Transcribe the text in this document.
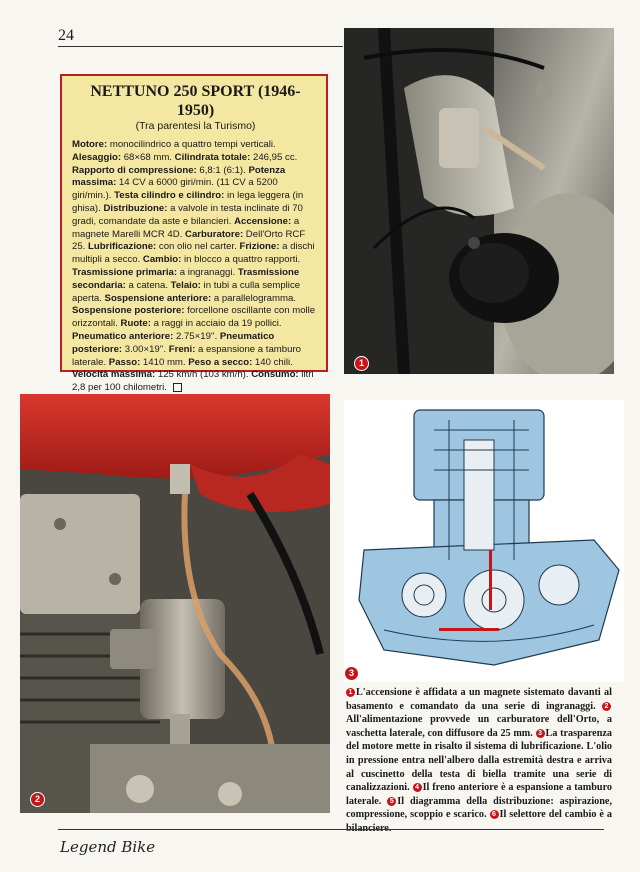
24

NETTUNO 250 SPORT (1946-1950)

(Tra parentesi la Turismo)

Motore: monocilindrico a quattro tempi verticali. Alesaggio: 68×68 mm. Cilindrata totale: 246,95 cc. Rapporto di compressione: 6,8:1 (6:1). Potenza massima: 14 CV a 6000 giri/min. (11 CV a 5200 giri/min.). Testa cilindro e cilindro: in lega leggera (in ghisa). Distribuzione: a valvole in testa inclinate di 70 gradi, comandate da aste e bilancieri. Accensione: a magnete Marelli MCR 4D. Carburatore: Dell'Orto RCF 25. Lubrificazione: con olio nel carter. Frizione: a dischi multipli a secco. Cambio: in blocco a quattro rapporti. Trasmissione primaria: a ingranaggi. Trasmissione secondaria: a catena. Telaio: in tubi a culla semplice aperta. Sospensione anteriore: a parallelogramma. Sospensione posteriore: forcellone oscillante con molle orizzontali. Ruote: a raggi in acciaio da 19 pollici. Pneumatico anteriore: 2.75×19''. Pneumatico posteriore: 3.00×19''. Freni: a espansione a tamburo laterale. Passo: 1410 mm. Peso a secco: 140 chili. Velocità massima: 125 km/h (103 km/h). Consumo: litri 2,8 per 100 chilometri.

1
2
3

1 L'accensione è affidata a un magnete sistemato davanti al basamento e comandato da una serie di ingranaggi. 2All'alimentazione provvede un carburatore dell'Orto, a vaschetta laterale, con diffusore da 25 mm. 3 La trasparenza del motore mette in risalto il sistema di lubrificazione. L'olio in pressione entra nell'albero dalla estremità destra e arriva al cuscinetto della testa di biella tramite una serie di canalizzazioni. 4 Il freno anteriore è a espansione a tamburo laterale. 5 Il diagramma della distribuzione: aspirazione, compressione, scoppio e scarico. 6 Il selettore del cambio è a bilanciere.

Legend Bike
